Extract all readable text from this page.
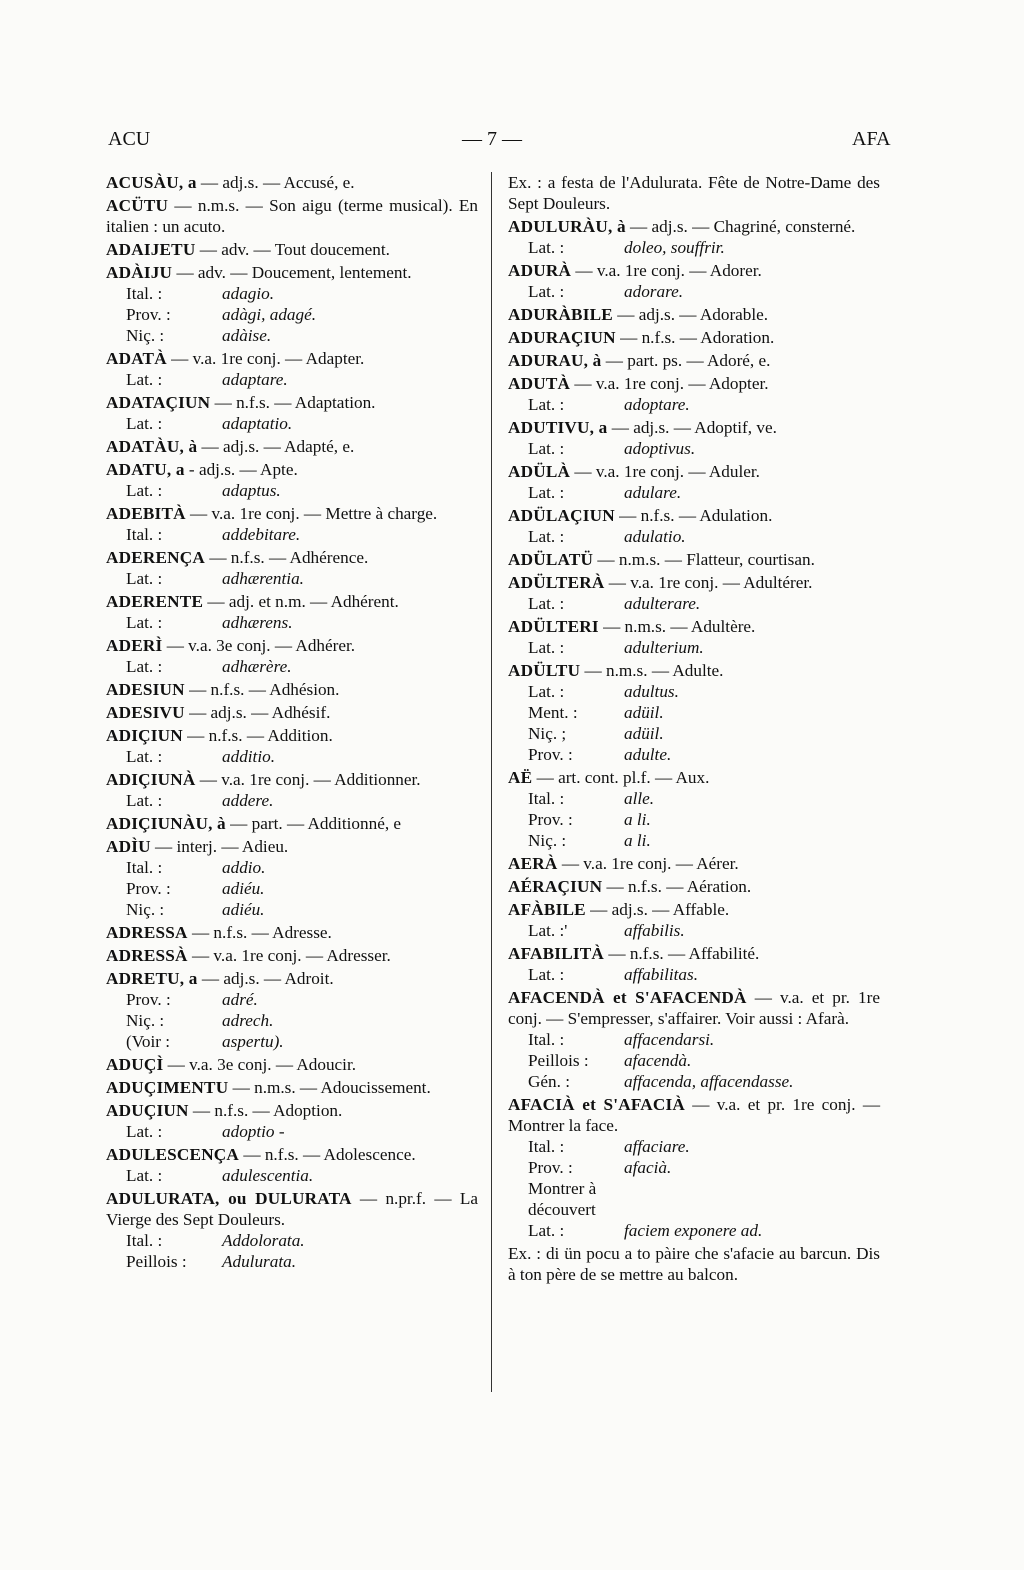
ACU	— 7 —	AFA
ACUSÀU, a — adj.s. — Accusé, e.
ACÜTU — n.m.s. — Son aigu (terme musical). En italien : un acuto.
ADAIJETU — adv. — Tout doucement.
ADÀIJU — adv. — Doucement, lentement.
Ital. :	adagio.
Prov. :	adàgi, adagé.
Niç. :	adàise.
ADATÀ — v.a. 1re conj. — Adapter.
Lat. :	adaptare.
ADATAÇIUN — n.f.s. — Adaptation.
Lat. :	adaptatio.
ADATÀU, à — adj.s. — Adapté, e.
ADATU, a - adj.s. — Apte.
Lat. :	adaptus.
ADEBITÀ — v.a. 1re conj. — Mettre à charge.
Ital. :	addebitare.
ADERENÇA — n.f.s. — Adhérence.
Lat. :	adhærentia.
ADERENTE — adj. et n.m. — Adhérent.
Lat. :	adhærens.
ADERÌ — v.a. 3e conj. — Adhérer.
Lat. :	adhærère.
ADESIUN — n.f.s. — Adhésion.
ADESIVU — adj.s. — Adhésif.
ADIÇIUN — n.f.s. — Addition.
Lat. :	additio.
ADIÇIUNÀ — v.a. 1re conj. — Additionner.
Lat. :	addere.
ADIÇIUNÀU, à — part. — Additionné, e
ADÌU — interj. — Adieu.
Ital. :	addio.
Prov. :	adiéu.
Niç. :	adiéu.
ADRESSA — n.f.s. — Adresse.
ADRESSÀ — v.a. 1re conj. — Adresser.
ADRETU, a — adj.s. — Adroit.
Prov. :	adré.
Niç. :	adrech.
(Voir :	aspertu).
ADUÇÌ — v.a. 3e conj. — Adoucir.
ADUÇIMENTU — n.m.s. — Adoucissement.
ADUÇIUN — n.f.s. — Adoption.
Lat. :	adoptio -
ADULESCENÇA — n.f.s. — Adolescence.
Lat. :	adulescentia.
ADULURATA, ou DULURATA — n.pr.f. — La Vierge des Sept Douleurs.
Ital. :	Addolorata.
Peillois : Adulurata.
Ex. : a festa de l'Adulurata. Fête de Notre-Dame des Sept Douleurs.
ADULURÀU, à — adj.s. — Chagriné, consterné.
Lat. :	doleo, souffrir.
ADURÀ — v.a. 1re conj. — Adorer.
Lat. :	adorare.
ADURÀBILE — adj.s. — Adorable.
ADURAÇIUN — n.f.s. — Adoration.
ADURAU, à — part. ps. — Adoré, e.
ADUTÀ — v.a. 1re conj. — Adopter.
Lat. :	adoptare.
ADUTIVU, a — adj.s. — Adoptif, ve.
Lat. :	adoptivus.
ADÜLÀ — v.a. 1re conj. — Aduler.
Lat. :	adulare.
ADÜLAÇIUN — n.f.s. — Adulation.
Lat. :	adulatio.
ADÜLATÜ — n.m.s. — Flatteur, courtisan.
ADÜLTERÀ — v.a. 1re conj. — Adultérer.
Lat. :	adulterare.
ADÜLTERI — n.m.s. — Adultère.
Lat. :	adulterium.
ADÜLTU — n.m.s. — Adulte.
Lat. :	adultus.
Ment. :	adüil.
Niç. ;	adüil.
Prov. :	adulte.
AË — art. cont. pl.f. — Aux.
Ital. :	alle.
Prov. :	a li.
Niç. :	a li.
AERÀ — v.a. 1re conj. — Aérer.
AÉRAÇIUN — n.f.s. — Aération.
AFÀBILE — adj.s. — Affable.
Lat. :'	affabilis.
AFABILITÀ — n.f.s. — Affabilité.
Lat. :	affabilitas.
AFACENDÀ et S'AFACENDÀ — v.a. et pr. 1re conj. — S'empresser, s'affairer. Voir aussi : Afarà.
Ital. :	affacendarsi.
Peillois : afacendà.
Gén. :	affacenda, affacendasse.
AFACIÀ et S'AFACIÀ — v.a. et pr. 1re conj. — Montrer la face.
Ital. :	affaciare.
Prov. :	afacià.
Montrer à découvert
Lat. :	faciem exponere ad.
Ex. : di ün pocu a to pàire che s'afacie au barcun. Dis à ton père de se mettre au balcon.
